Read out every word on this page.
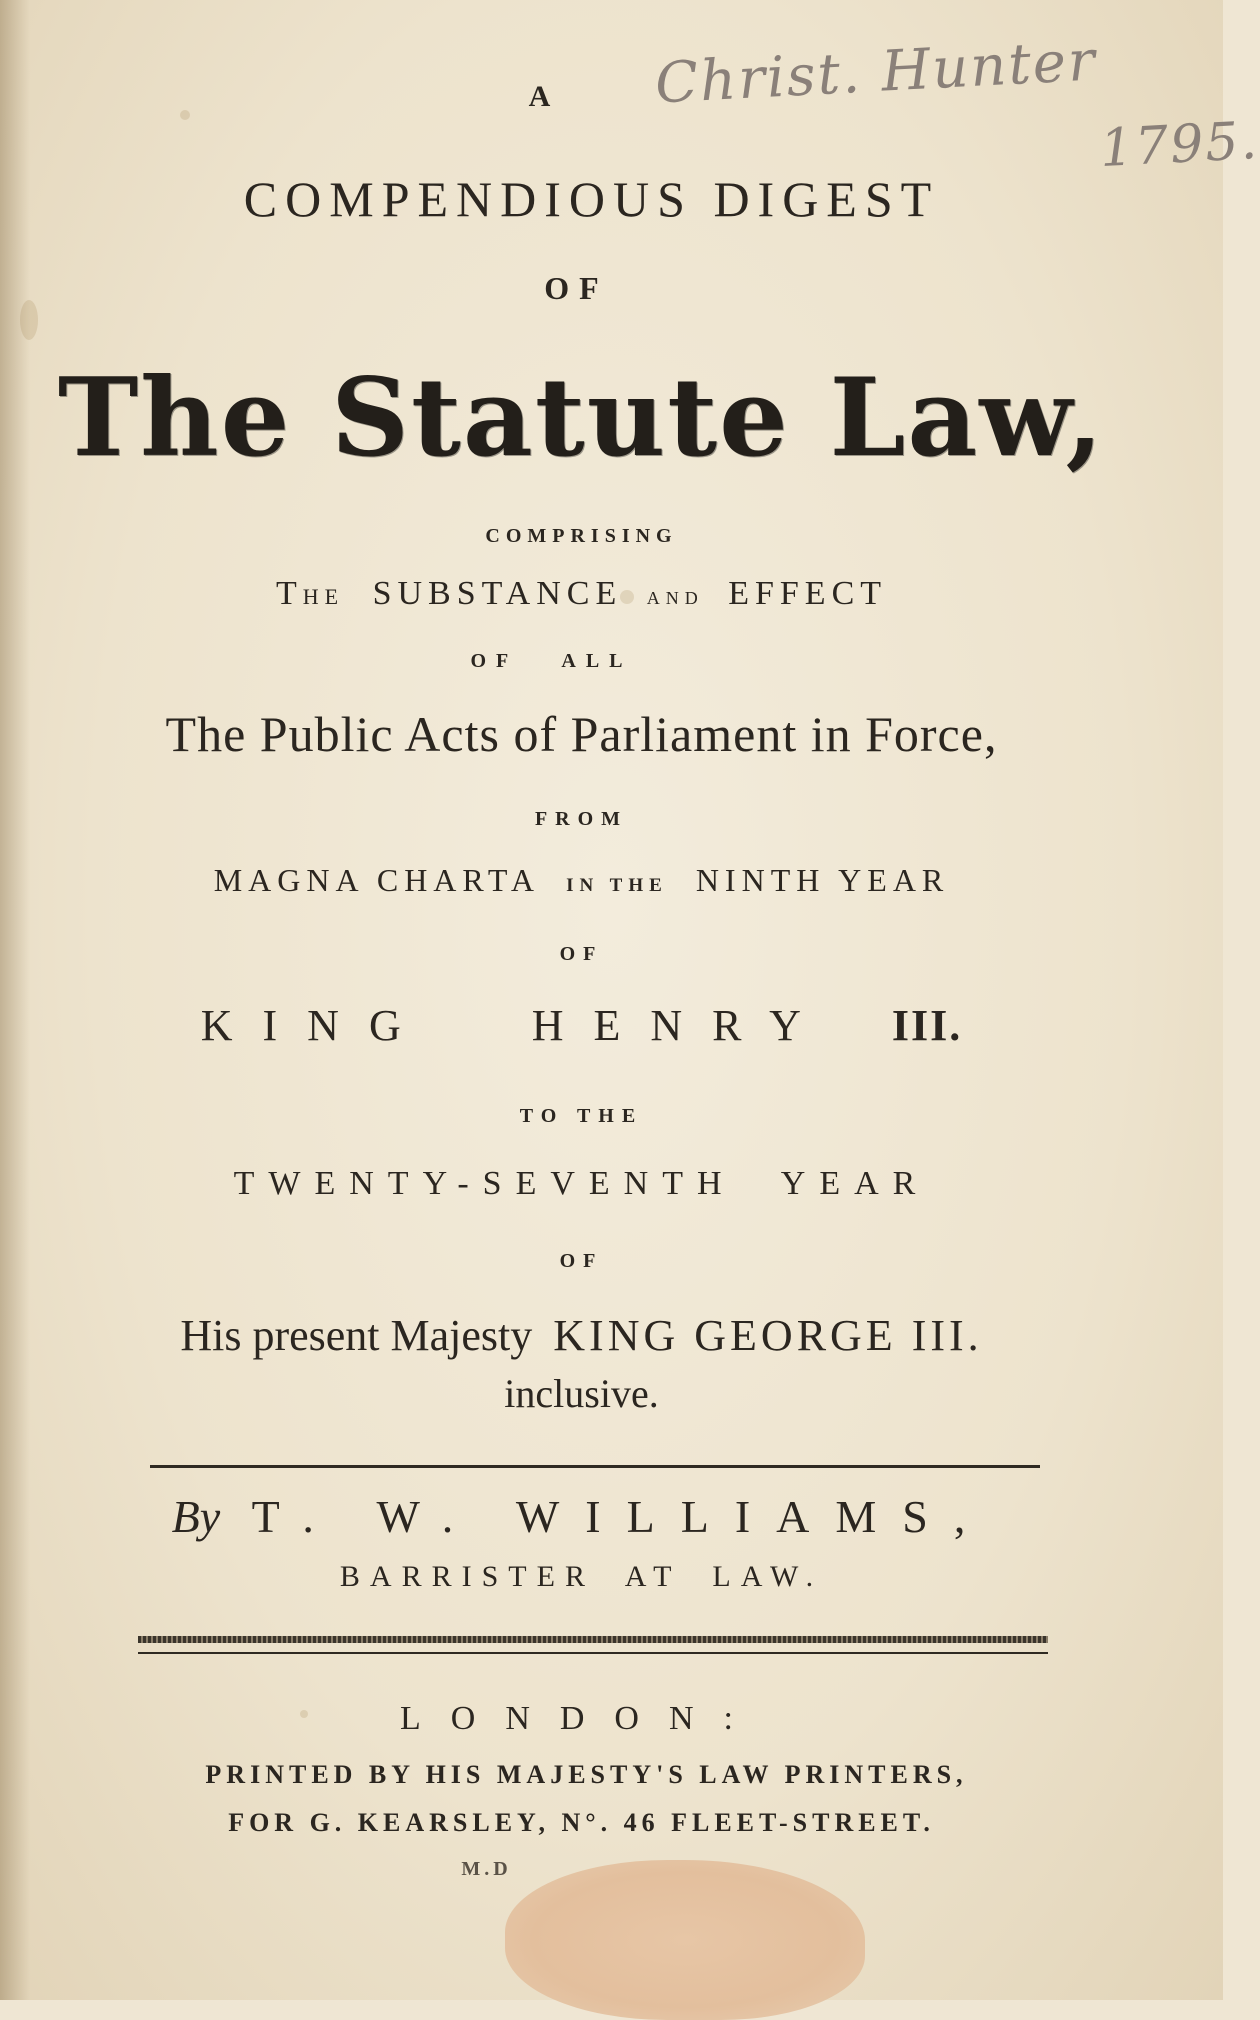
Christ. Hunter
1795.

A

COMPENDIOUS DIGEST

OF

The Statute Law,

COMPRISING

THE SUBSTANCE AND EFFECT

OF ALL

The Public Acts of Parliament in Force,

FROM

MAGNA CHARTA IN THE NINTH YEAR

OF

KING HENRY III.

TO THE

TWENTY-SEVENTH YEAR

OF

His present Majesty KING GEORGE III.

inclusive.

By T. W. WILLIAMS,

BARRISTER AT LAW.

LONDON:

PRINTED BY HIS MAJESTY'S LAW PRINTERS,

FOR G. KEARSLEY, N°. 46 FLEET-STREET.

M.D
